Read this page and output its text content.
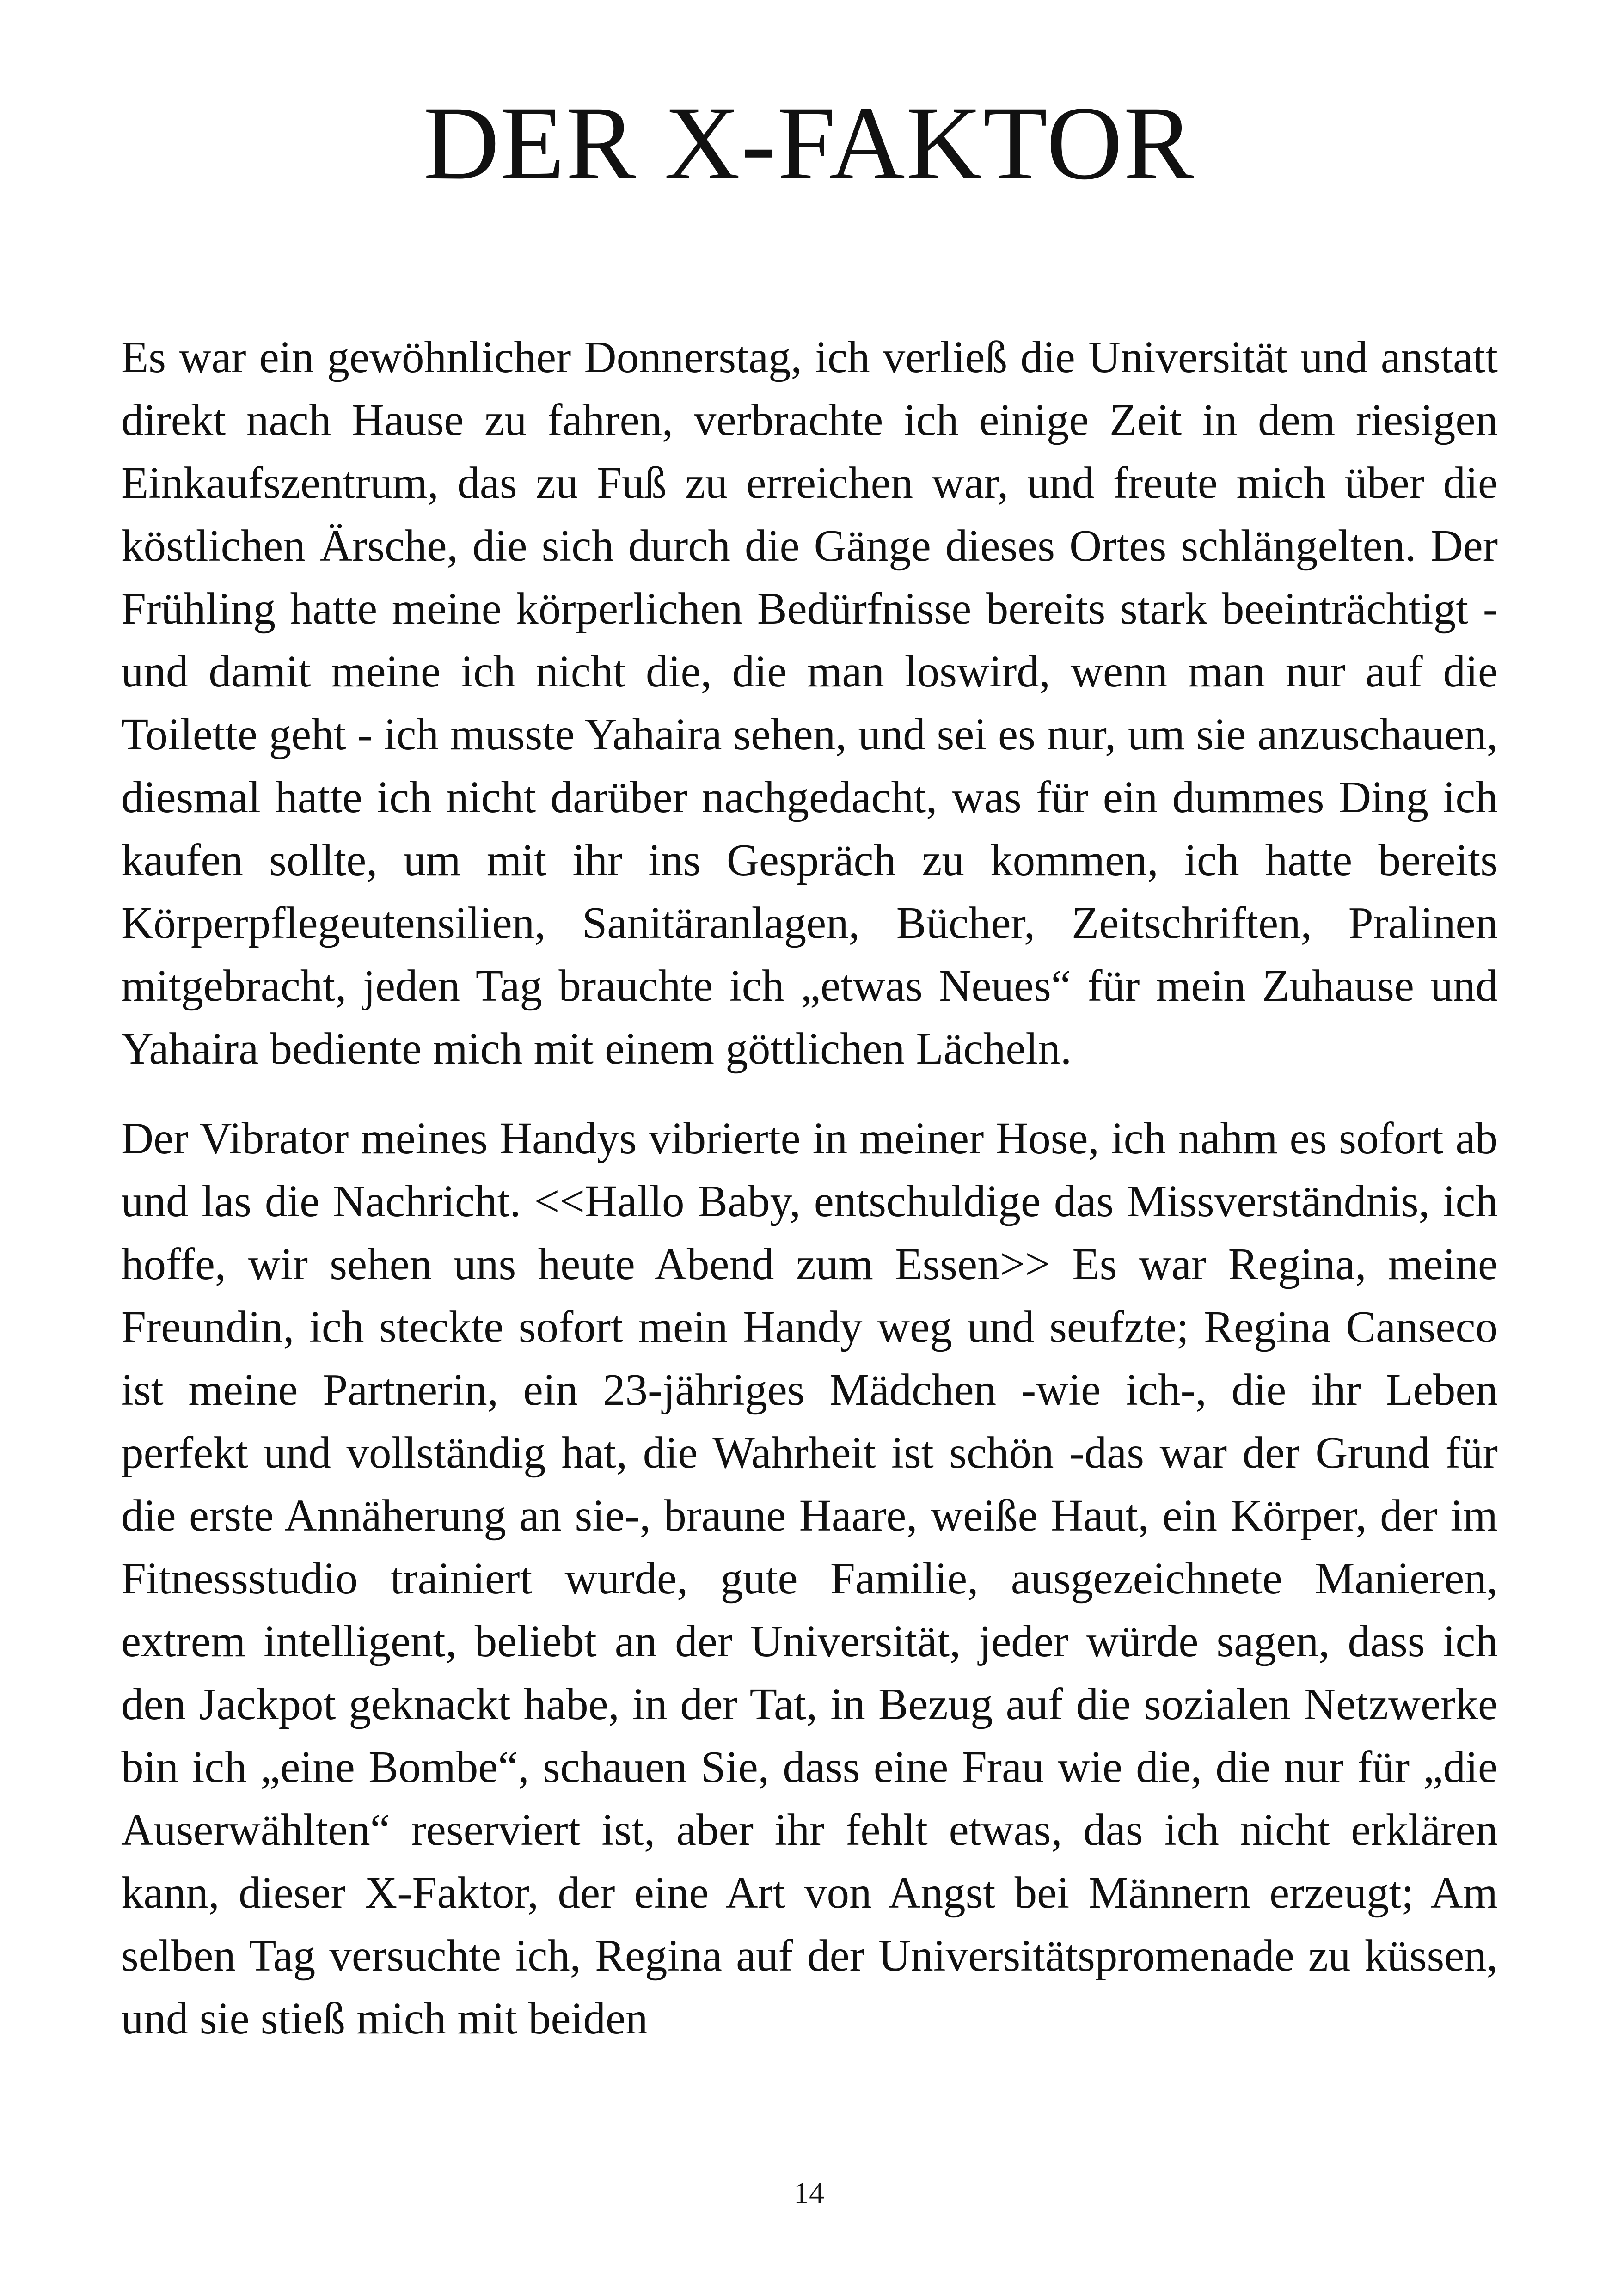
DER X-FAKTOR

Es war ein gewöhnlicher Donnerstag, ich verließ die Universität und anstatt direkt nach Hause zu fahren, verbrachte ich einige Zeit in dem riesigen Einkaufszentrum, das zu Fuß zu erreichen war, und freute mich über die köstlichen Ärsche, die sich durch die Gänge dieses Ortes schlängelten. Der Frühling hatte meine körperlichen Bedürfnisse bereits stark beeinträchtigt - und damit meine ich nicht die, die man loswird, wenn man nur auf die Toilette geht - ich musste Yahaira sehen, und sei es nur, um sie anzuschauen, diesmal hatte ich nicht darüber nachgedacht, was für ein dummes Ding ich kaufen sollte, um mit ihr ins Gespräch zu kommen, ich hatte bereits Körperpflegeutensilien, Sanitäranlagen, Bücher, Zeitschriften, Pralinen mitgebracht, jeden Tag brauchte ich „etwas Neues“ für mein Zuhause und Yahaira bediente mich mit einem göttlichen Lächeln.

Der Vibrator meines Handys vibrierte in meiner Hose, ich nahm es sofort ab und las die Nachricht. <<Hallo Baby, entschuldige das Missverständnis, ich hoffe, wir sehen uns heute Abend zum Essen>> Es war Regina, meine Freundin, ich steckte sofort mein Handy weg und seufzte; Regina Canseco ist meine Partnerin, ein 23-jähriges Mädchen -wie ich-, die ihr Leben perfekt und vollständig hat, die Wahrheit ist schön -das war der Grund für die erste Annäherung an sie-, braune Haare, weiße Haut, ein Körper, der im Fitnessstudio trainiert wurde, gute Familie, ausgezeichnete Manieren, extrem intelligent, beliebt an der Universität, jeder würde sagen, dass ich den Jackpot geknackt habe, in der Tat, in Bezug auf die sozialen Netzwerke bin ich „eine Bombe“, schauen Sie, dass eine Frau wie die, die nur für „die Auserwählten“ reserviert ist, aber ihr fehlt etwas, das ich nicht erklären kann, dieser X-Faktor, der eine Art von Angst bei Männern erzeugt; Am selben Tag versuchte ich, Regina auf der Universitätspromenade zu küssen, und sie stieß mich mit beiden

14
